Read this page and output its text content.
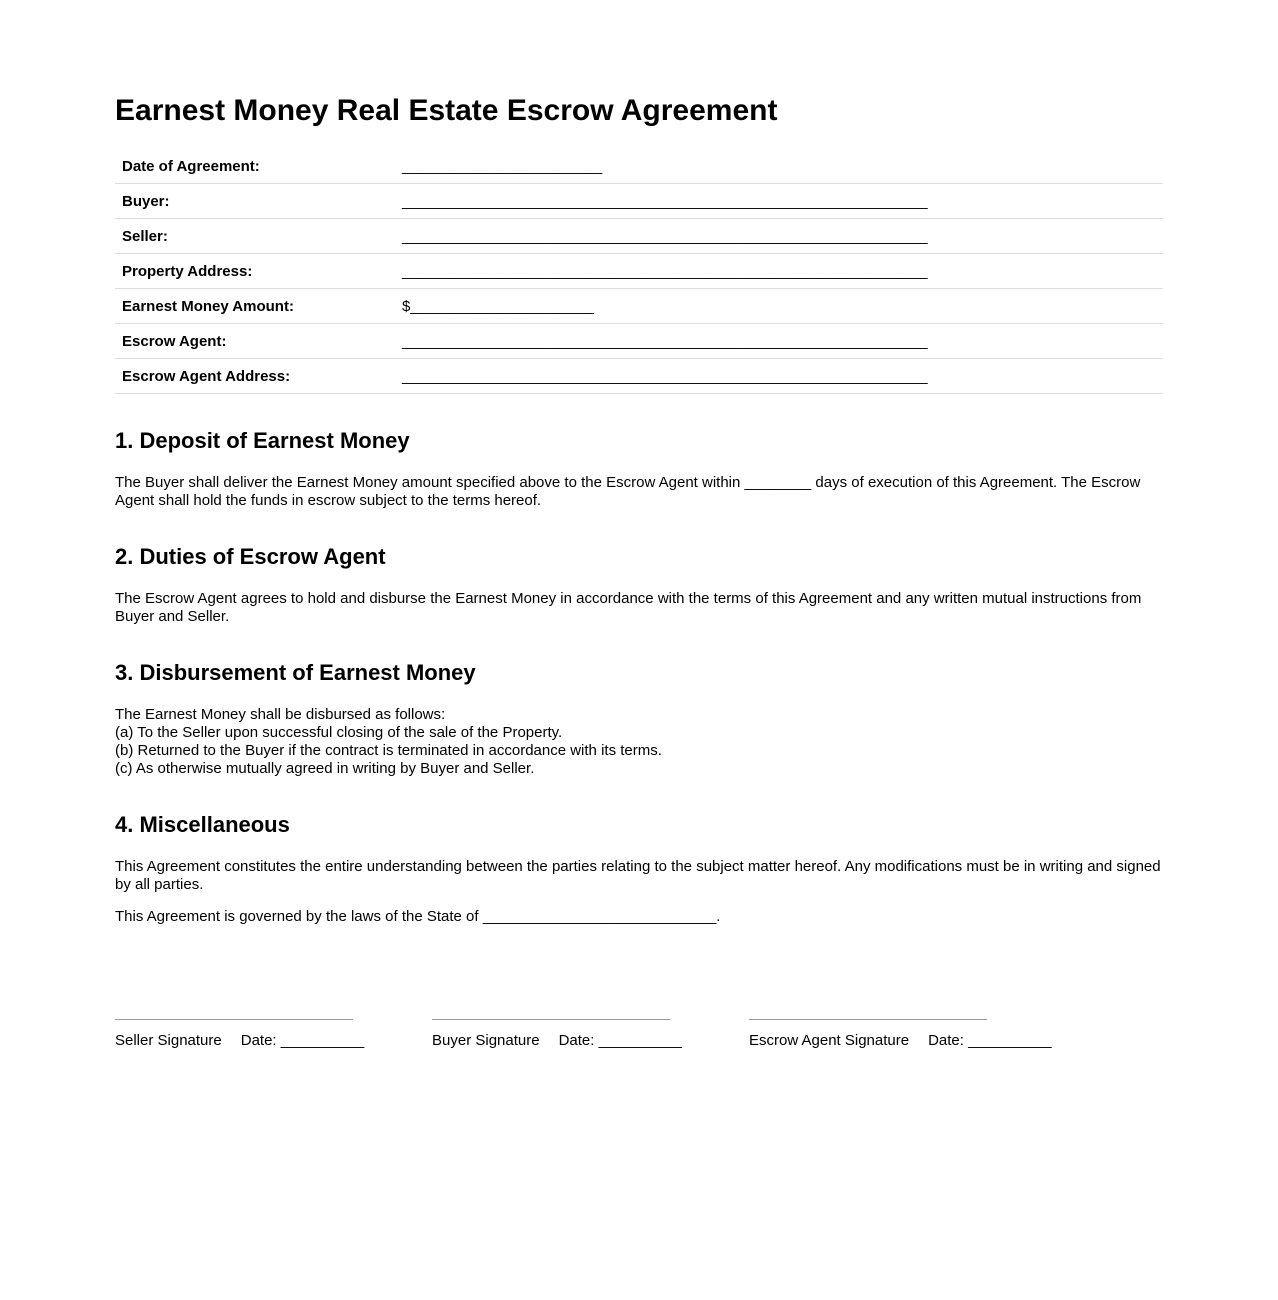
Earnest Money Real Estate Escrow Agreement
Date of Agreement:	________________________
Buyer:	_______________________________________________________________
Seller:	_______________________________________________________________
Property Address:	_______________________________________________________________
Earnest Money Amount:	$______________________
Escrow Agent:	_______________________________________________________________
Escrow Agent Address:	_______________________________________________________________
1. Deposit of Earnest Money

The Buyer shall deliver the Earnest Money amount specified above to the Escrow Agent within ________ days of execution of this Agreement. The Escrow Agent shall hold the funds in escrow subject to the terms hereof.

2. Duties of Escrow Agent

The Escrow Agent agrees to hold and disburse the Earnest Money in accordance with the terms of this Agreement and any written mutual instructions from Buyer and Seller.

3. Disbursement of Earnest Money
The Earnest Money shall be disbursed as follows:
(a) To the Seller upon successful closing of the sale of the Property.
(b) Returned to the Buyer if the contract is terminated in accordance with its terms.
(c) As otherwise mutually agreed in writing by Buyer and Seller.
4. Miscellaneous

This Agreement constitutes the entire understanding between the parties relating to the subject matter hereof. Any modifications must be in writing and signed by all parties.

This Agreement is governed by the laws of the State of ____________________________.

Seller Signature Date: __________	Buyer Signature Date: __________	Escrow Agent Signature Date: __________
